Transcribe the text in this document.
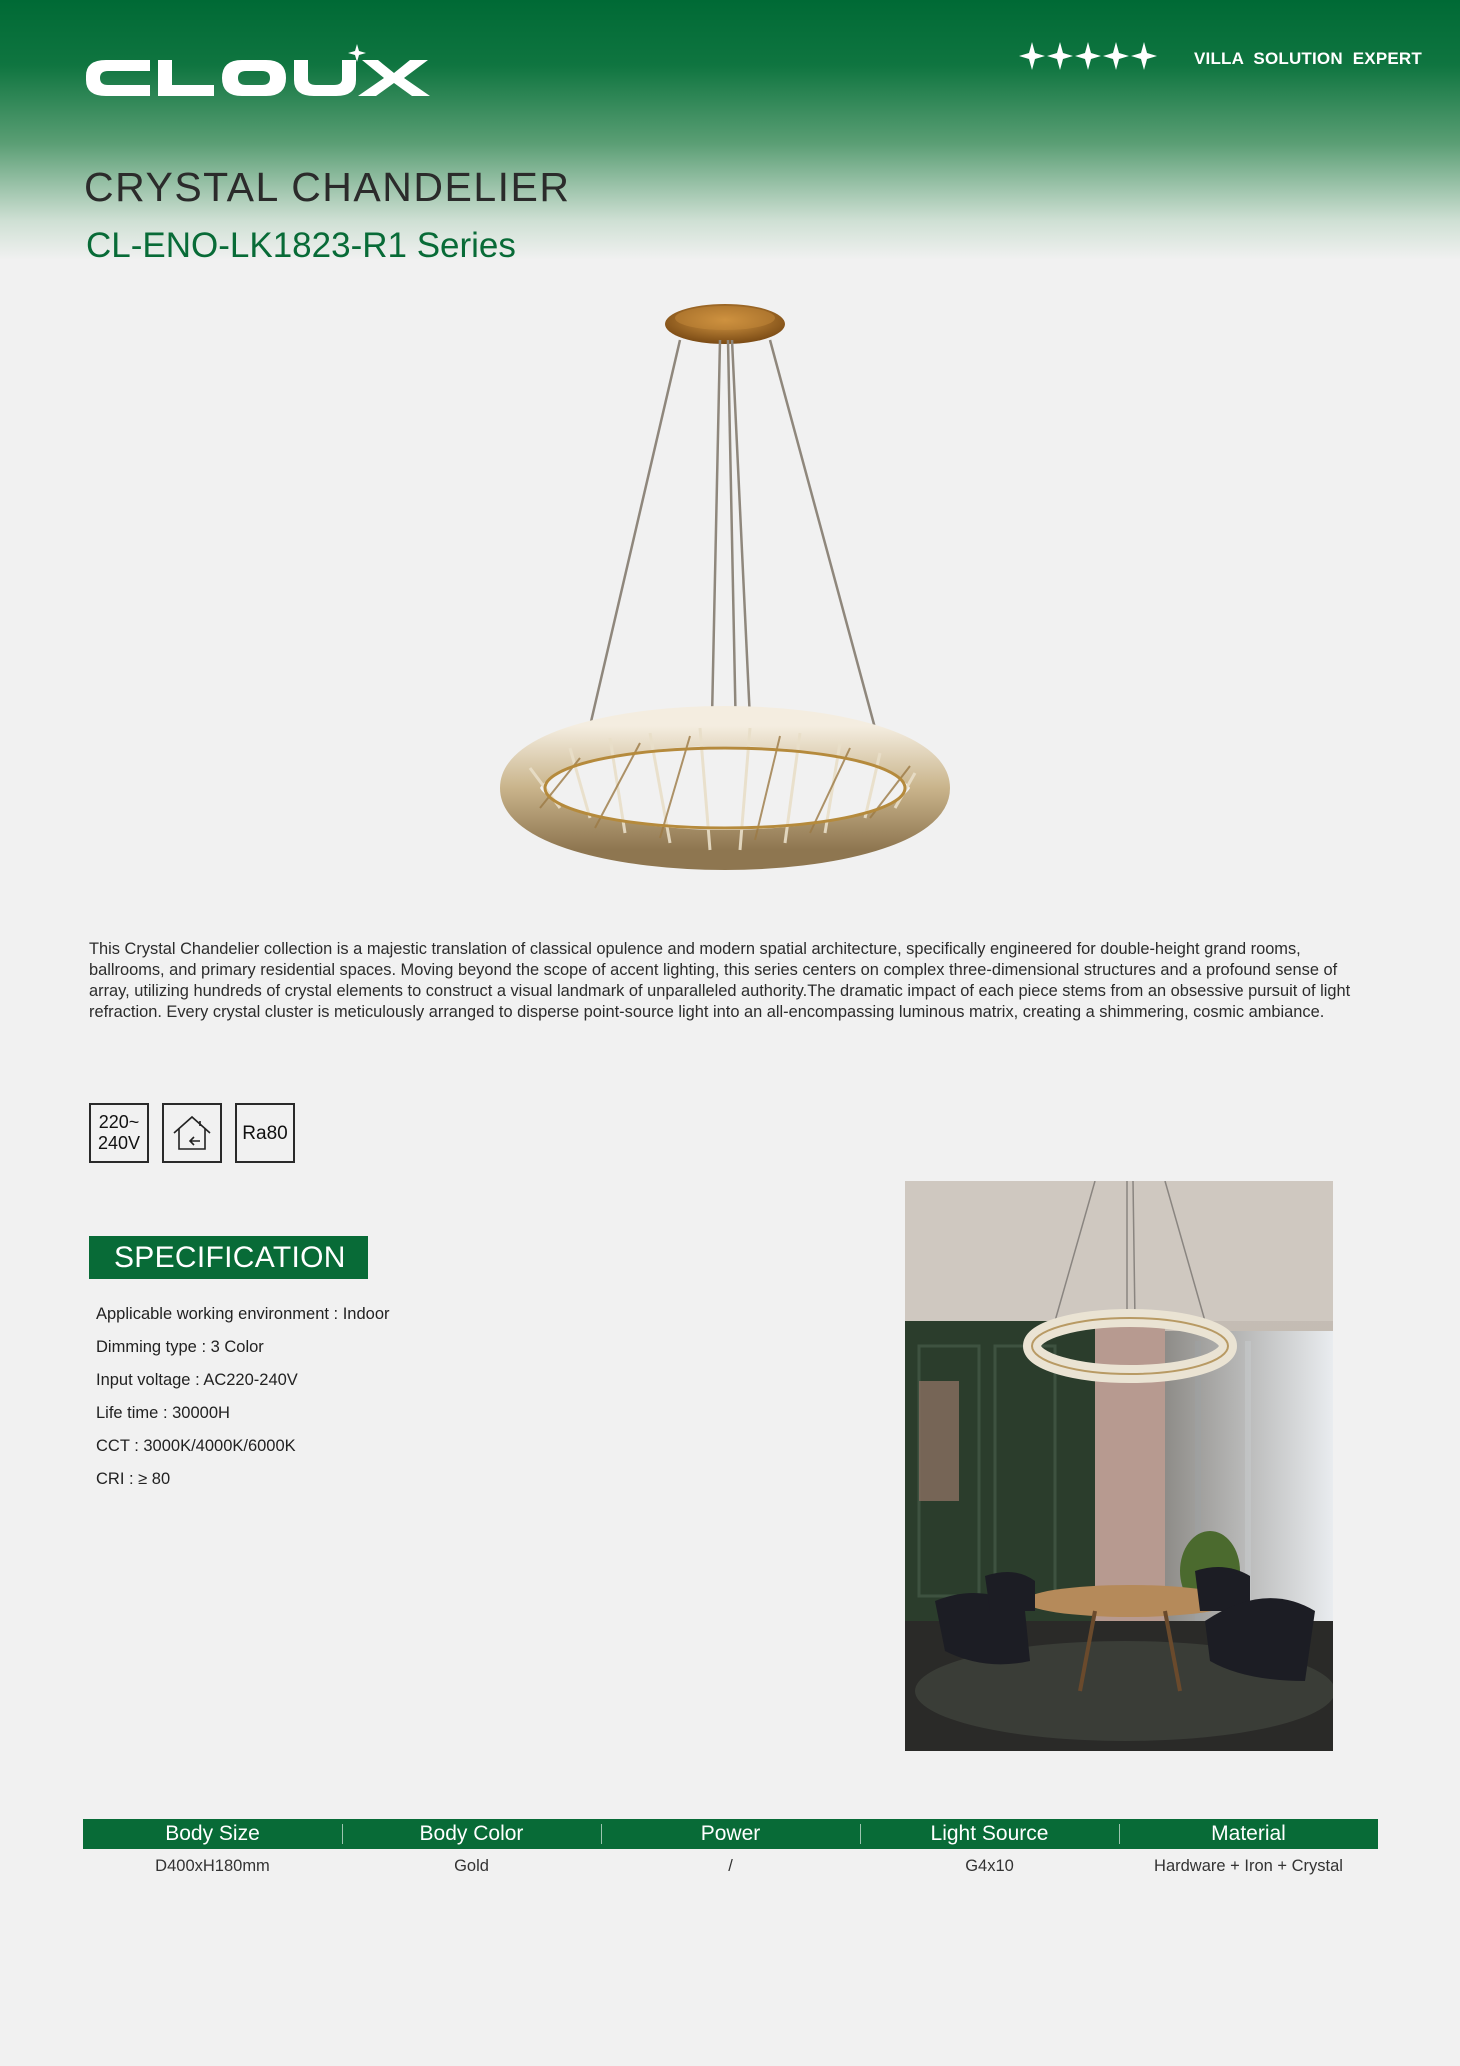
VILLA SOLUTION EXPERT
CRYSTAL CHANDELIER
CL-ENO-LK1823-R1 Series
This Crystal Chandelier collection is a majestic translation of classical opulence and modern spatial architecture, specifically engineered for double-height grand rooms, ballrooms, and primary residential spaces. Moving beyond the scope of accent lighting, this series centers on complex three-dimensional structures and a profound sense of array, utilizing hundreds of crystal elements to construct a visual landmark of unparalleled authority.The dramatic impact of each piece stems from an obsessive pursuit of light refraction. Every crystal cluster is meticulously arranged to disperse point-source light into an all-encompassing luminous matrix, creating a shimmering, cosmic ambiance.
220~
240V	Ra80
SPECIFICATION
Applicable working environment : Indoor
Dimming type : 3 Color
Input voltage : AC220-240V
Life time : 30000H
CCT : 3000K/4000K/6000K
CRI : ≥ 80
Body Size	Body Color	Power	Light Source	Material
D400xH180mm	Gold	/	G4x10	Hardware + Iron + Crystal
